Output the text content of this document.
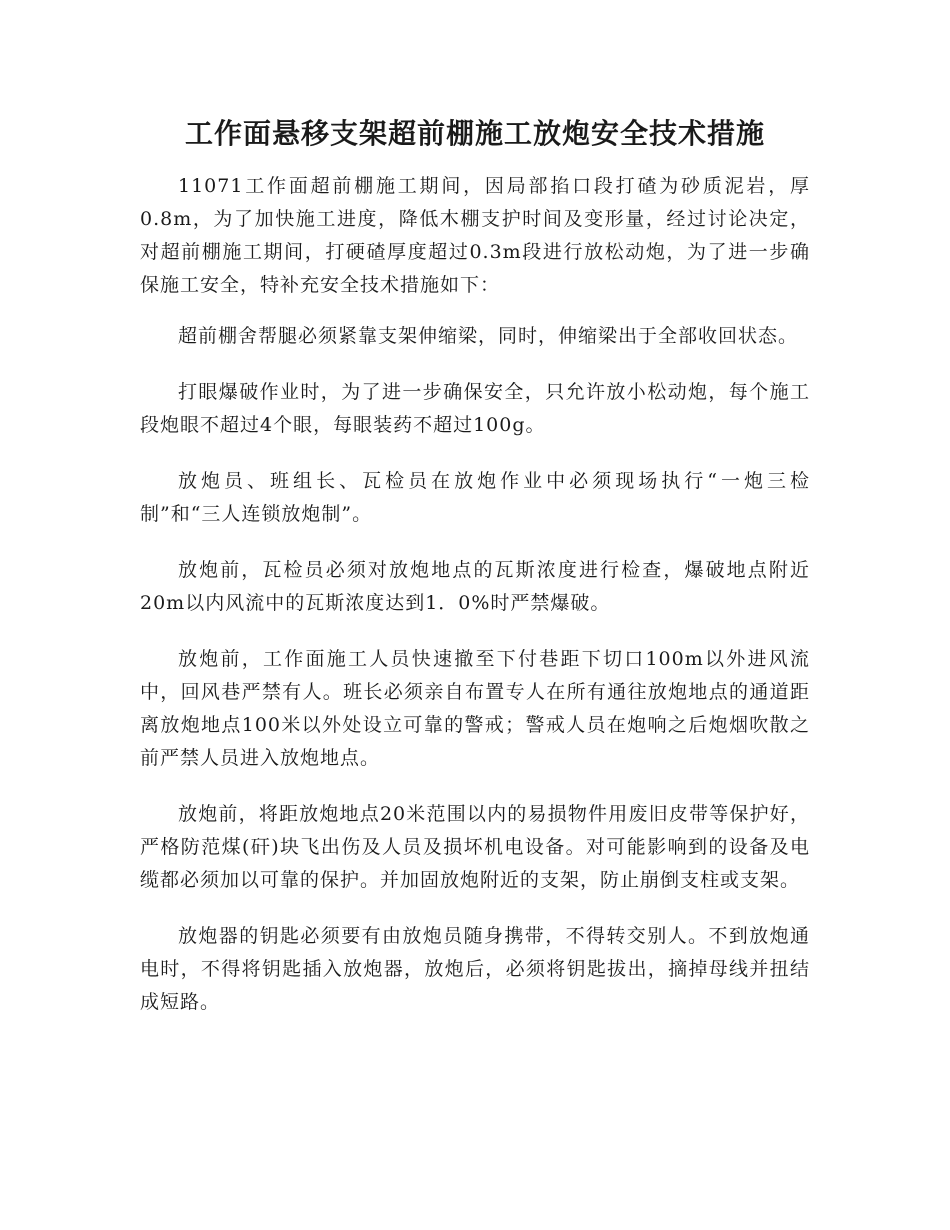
工作面悬移支架超前棚施工放炮安全技术措施

11071工作面超前棚施工期间，因局部掐口段打碴为砂质泥岩，厚0.8m，为了加快施工进度，降低木棚支护时间及变形量，经过讨论决定，对超前棚施工期间，打硬碴厚度超过0.3m段进行放松动炮，为了进一步确保施工安全，特补充安全技术措施如下：

超前棚舍帮腿必须紧靠支架伸缩梁，同时，伸缩梁出于全部收回状态。

打眼爆破作业时，为了进一步确保安全，只允许放小松动炮，每个施工段炮眼不超过4个眼，每眼装药不超过100g。

放炮员、班组长、瓦检员在放炮作业中必须现场执行“一炮三检制”和“三人连锁放炮制”。

放炮前，瓦检员必须对放炮地点的瓦斯浓度进行检查，爆破地点附近20m以内风流中的瓦斯浓度达到1．0%时严禁爆破。

放炮前，工作面施工人员快速撤至下付巷距下切口100m以外进风流中，回风巷严禁有人。班长必须亲自布置专人在所有通往放炮地点的通道距离放炮地点100米以外处设立可靠的警戒；警戒人员在炮响之后炮烟吹散之前严禁人员进入放炮地点。

放炮前，将距放炮地点20米范围以内的易损物件用废旧皮带等保护好，严格防范煤(矸)块飞出伤及人员及损坏机电设备。对可能影响到的设备及电缆都必须加以可靠的保护。并加固放炮附近的支架，防止崩倒支柱或支架。

放炮器的钥匙必须要有由放炮员随身携带，不得转交别人。不到放炮通电时，不得将钥匙插入放炮器，放炮后，必须将钥匙拔出，摘掉母线并扭结成短路。
